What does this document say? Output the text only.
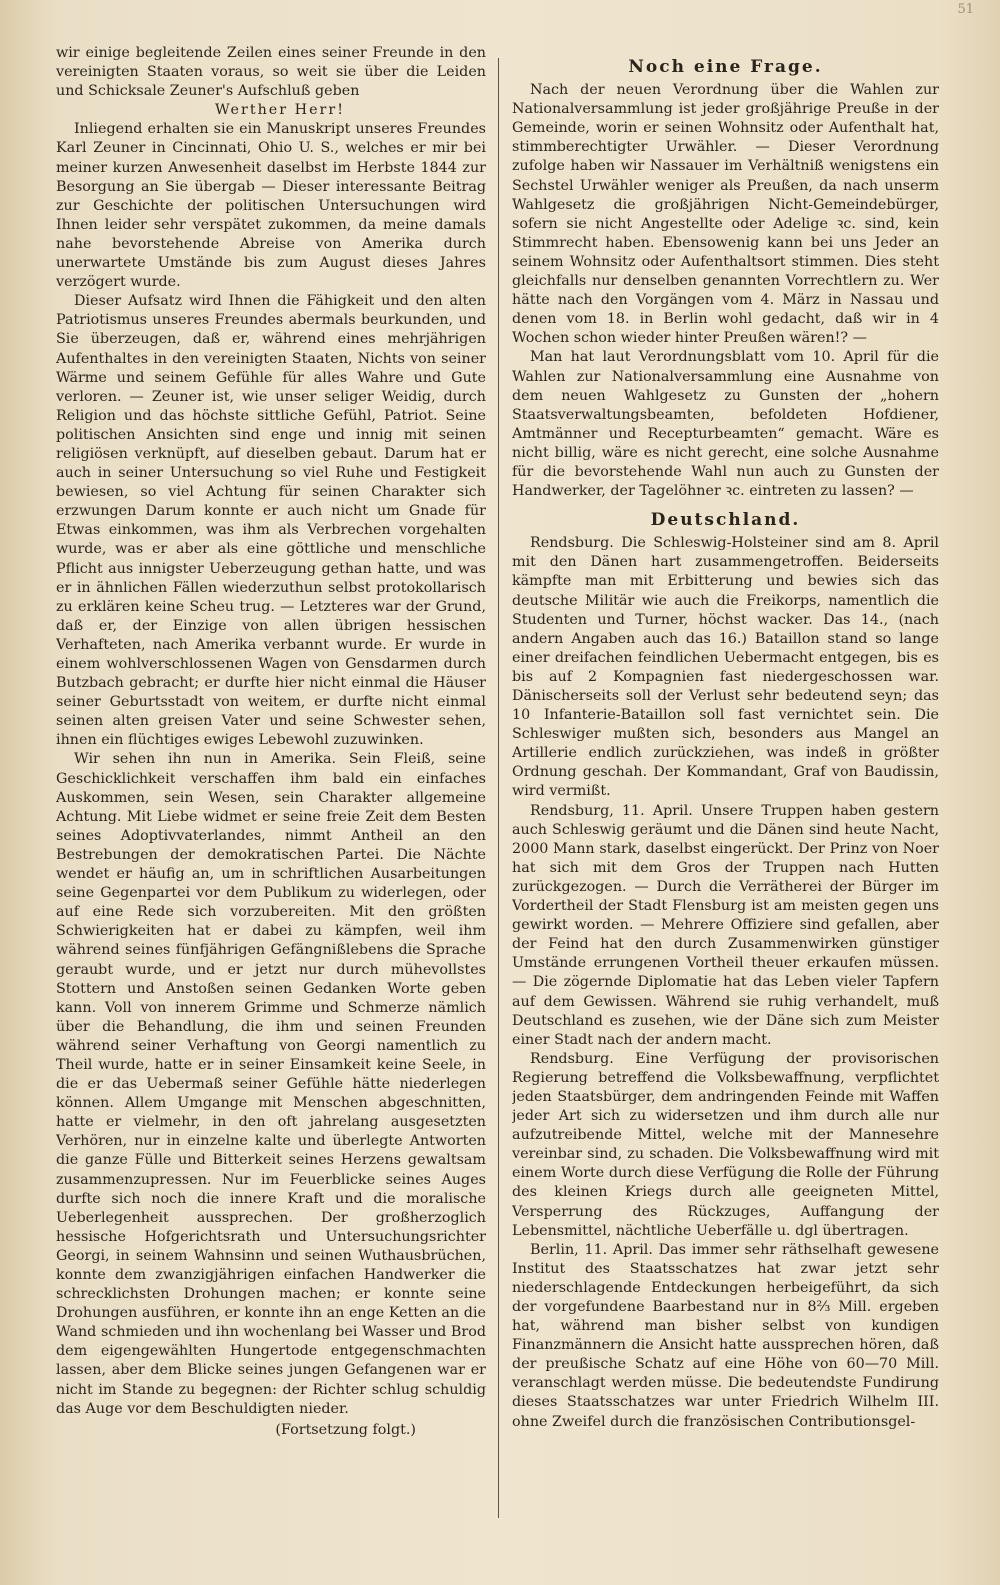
51

wir einige begleitende Zeilen eines seiner Freunde in den vereinigten Staaten voraus, so weit sie über die Leiden und Schicksale Zeuner's Aufschluß geben

Werther Herr!

Inliegend erhalten sie ein Manuskript unseres Freundes Karl Zeuner in Cincinnati, Ohio U. S., welches er mir bei meiner kurzen Anwesenheit daselbst im Herbste 1844 zur Besorgung an Sie übergab — Dieser interessante Beitrag zur Geschichte der politischen Untersuchungen wird Ihnen leider sehr verspätet zukommen, da meine damals nahe bevorstehende Abreise von Amerika durch unerwartete Umstände bis zum August dieses Jahres verzögert wurde.

Dieser Aufsatz wird Ihnen die Fähigkeit und den alten Patriotismus unseres Freundes abermals beurkunden, und Sie überzeugen, daß er, während eines mehrjährigen Aufenthaltes in den vereinigten Staaten, Nichts von seiner Wärme und seinem Gefühle für alles Wahre und Gute verloren. — Zeuner ist, wie unser seliger Weidig, durch Religion und das höchste sittliche Gefühl, Patriot. Seine politischen Ansichten sind enge und innig mit seinen religiösen verknüpft, auf dieselben gebaut. Darum hat er auch in seiner Untersuchung so viel Ruhe und Festigkeit bewiesen, so viel Achtung für seinen Charakter sich erzwungen Darum konnte er auch nicht um Gnade für Etwas einkommen, was ihm als Verbrechen vorgehalten wurde, was er aber als eine göttliche und menschliche Pflicht aus innigster Ueberzeugung gethan hatte, und was er in ähnlichen Fällen wiederzuthun selbst protokollarisch zu erklären keine Scheu trug. — Letzteres war der Grund, daß er, der Einzige von allen übrigen hessischen Verhafteten, nach Amerika verbannt wurde. Er wurde in einem wohlverschlossenen Wagen von Gensdarmen durch Butzbach gebracht; er durfte hier nicht einmal die Häuser seiner Geburtsstadt von weitem, er durfte nicht einmal seinen alten greisen Vater und seine Schwester sehen, ihnen ein flüchtiges ewiges Lebewohl zuzuwinken.

Wir sehen ihn nun in Amerika. Sein Fleiß, seine Geschicklichkeit verschaffen ihm bald ein einfaches Auskommen, sein Wesen, sein Charakter allgemeine Achtung. Mit Liebe widmet er seine freie Zeit dem Besten seines Adoptivvaterlandes, nimmt Antheil an den Bestrebungen der demokratischen Partei. Die Nächte wendet er häufig an, um in schriftlichen Ausarbeitungen seine Gegenpartei vor dem Publikum zu widerlegen, oder auf eine Rede sich vorzubereiten. Mit den größten Schwierigkeiten hat er dabei zu kämpfen, weil ihm während seines fünfjährigen Gefängnißlebens die Sprache geraubt wurde, und er jetzt nur durch mühevollstes Stottern und Anstoßen seinen Gedanken Worte geben kann. Voll von innerem Grimme und Schmerze nämlich über die Behandlung, die ihm und seinen Freunden während seiner Verhaftung von Georgi namentlich zu Theil wurde, hatte er in seiner Einsamkeit keine Seele, in die er das Uebermaß seiner Gefühle hätte niederlegen können. Allem Umgange mit Menschen abgeschnitten, hatte er vielmehr, in den oft jahrelang ausgesetzten Verhören, nur in einzelne kalte und überlegte Antworten die ganze Fülle und Bitterkeit seines Herzens gewaltsam zusammenzupressen. Nur im Feuerblicke seines Auges durfte sich noch die innere Kraft und die moralische Ueberlegenheit aussprechen. Der großherzoglich hessische Hofgerichtsrath und Untersuchungsrichter Georgi, in seinem Wahnsinn und seinen Wuthausbrüchen, konnte dem zwanzigjährigen einfachen Handwerker die schrecklichsten Drohungen machen; er konnte seine Drohungen ausführen, er konnte ihn an enge Ketten an die Wand schmieden und ihn wochenlang bei Wasser und Brod dem eigengewählten Hungertode entgegenschmachten lassen, aber dem Blicke seines jungen Gefangenen war er nicht im Stande zu begegnen: der Richter schlug schuldig das Auge vor dem Beschuldigten nieder.

(Fortsetzung folgt.)
Noch eine Frage.

Nach der neuen Verordnung über die Wahlen zur Nationalversammlung ist jeder großjährige Preuße in der Gemeinde, worin er seinen Wohnsitz oder Aufenthalt hat, stimmberechtigter Urwähler. — Dieser Verordnung zufolge haben wir Nassauer im Verhältniß wenigstens ein Sechstel Urwähler weniger als Preußen, da nach unserm Wahlgesetz die großjährigen Nicht-Gemeindebürger, sofern sie nicht Angestellte oder Adelige ꝛc. sind, kein Stimmrecht haben. Ebensowenig kann bei uns Jeder an seinem Wohnsitz oder Aufenthaltsort stimmen. Dies steht gleichfalls nur denselben genannten Vorrechtlern zu. Wer hätte nach den Vorgängen vom 4. März in Nassau und denen vom 18. in Berlin wohl gedacht, daß wir in 4 Wochen schon wieder hinter Preußen wären!? —

Man hat laut Verordnungsblatt vom 10. April für die Wahlen zur Nationalversammlung eine Ausnahme von dem neuen Wahlgesetz zu Gunsten der „hohern Staatsverwaltungsbeamten, befoldeten Hofdiener, Amtmänner und Recepturbeamten“ gemacht. Wäre es nicht billig, wäre es nicht gerecht, eine solche Ausnahme für die bevorstehende Wahl nun auch zu Gunsten der Handwerker, der Tagelöhner ꝛc. eintreten zu lassen? —

Deutschland.

Rendsburg. Die Schleswig-Holsteiner sind am 8. April mit den Dänen hart zusammengetroffen. Beiderseits kämpfte man mit Erbitterung und bewies sich das deutsche Militär wie auch die Freikorps, namentlich die Studenten und Turner, höchst wacker. Das 14., (nach andern Angaben auch das 16.) Bataillon stand so lange einer dreifachen feindlichen Uebermacht entgegen, bis es bis auf 2 Kompagnien fast niedergeschossen war. Dänischerseits soll der Verlust sehr bedeutend seyn; das 10 Infanterie-Bataillon soll fast vernichtet sein. Die Schleswiger mußten sich, besonders aus Mangel an Artillerie endlich zurückziehen, was indeß in größter Ordnung geschah. Der Kommandant, Graf von Baudissin, wird vermißt.

Rendsburg, 11. April. Unsere Truppen haben gestern auch Schleswig geräumt und die Dänen sind heute Nacht, 2000 Mann stark, daselbst eingerückt. Der Prinz von Noer hat sich mit dem Gros der Truppen nach Hutten zurückgezogen. — Durch die Verrätherei der Bürger im Vordertheil der Stadt Flensburg ist am meisten gegen uns gewirkt worden. — Mehrere Offiziere sind gefallen, aber der Feind hat den durch Zusammenwirken günstiger Umstände errungenen Vortheil theuer erkaufen müssen. — Die zögernde Diplomatie hat das Leben vieler Tapfern auf dem Gewissen. Während sie ruhig verhandelt, muß Deutschland es zusehen, wie der Däne sich zum Meister einer Stadt nach der andern macht.

Rendsburg. Eine Verfügung der provisorischen Regierung betreffend die Volksbewaffnung, verpflichtet jeden Staatsbürger, dem andringenden Feinde mit Waffen jeder Art sich zu widersetzen und ihm durch alle nur aufzutreibende Mittel, welche mit der Mannesehre vereinbar sind, zu schaden. Die Volksbewaffnung wird mit einem Worte durch diese Verfügung die Rolle der Führung des kleinen Kriegs durch alle geeigneten Mittel, Versperrung des Rückzuges, Auffangung der Lebensmittel, nächtliche Ueberfälle u. dgl übertragen.

Berlin, 11. April. Das immer sehr räthselhaft gewesene Institut des Staatsschatzes hat zwar jetzt sehr niederschlagende Entdeckungen herbeigeführt, da sich der vorgefundene Baarbestand nur in 8⅔ Mill. ergeben hat, während man bisher selbst von kundigen Finanzmännern die Ansicht hatte aussprechen hören, daß der preußische Schatz auf eine Höhe von 60—70 Mill. veranschlagt werden müsse. Die bedeutendste Fundirung dieses Staatsschatzes war unter Friedrich Wilhelm III. ohne Zweifel durch die französischen Contributionsgel-
